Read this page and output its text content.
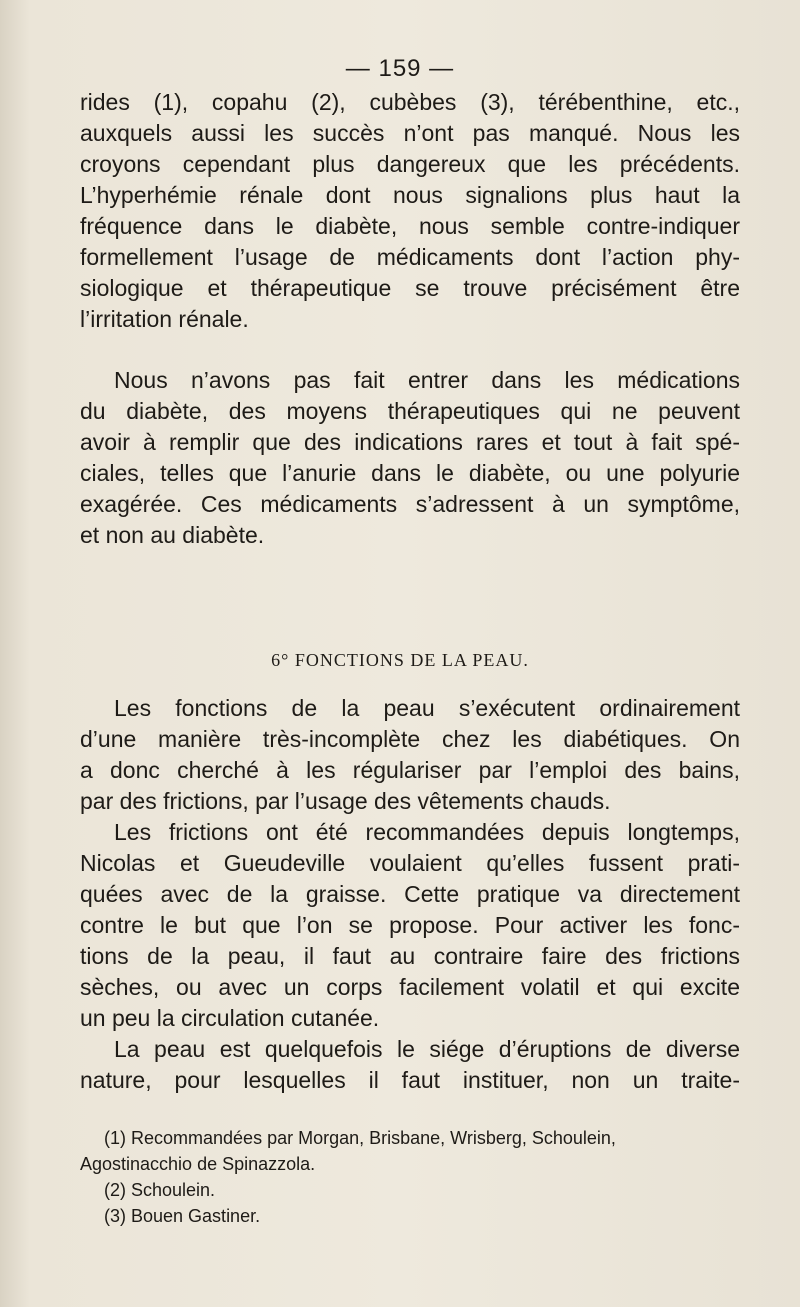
— 159 —

rides (1), copahu (2), cubèbes (3), térébenthine, etc.,
auxquels aussi les succès n’ont pas manqué. Nous les
croyons cependant plus dangereux que les précédents.
L’hyperhémie rénale dont nous signalions plus haut la
fréquence dans le diabète, nous semble contre-indiquer
formellement l’usage de médicaments dont l’action phy-
siologique et thérapeutique se trouve précisément être
l’irritation rénale.

Nous n’avons pas fait entrer dans les médications
du diabète, des moyens thérapeutiques qui ne peuvent
avoir à remplir que des indications rares et tout à fait spé-
ciales, telles que l’anurie dans le diabète, ou une polyurie
exagérée. Ces médicaments s’adressent à un symptôme,
et non au diabète.

6° FONCTIONS DE LA PEAU.

Les fonctions de la peau s’exécutent ordinairement
d’une manière très-incomplète chez les diabétiques. On
a donc cherché à les régulariser par l’emploi des bains,
par des frictions, par l’usage des vêtements chauds.

Les frictions ont été recommandées depuis longtemps,
Nicolas et Gueudeville voulaient qu’elles fussent prati-
quées avec de la graisse. Cette pratique va directement
contre le but que l’on se propose. Pour activer les fonc-
tions de la peau, il faut au contraire faire des frictions
sèches, ou avec un corps facilement volatil et qui excite
un peu la circulation cutanée.

La peau est quelquefois le siége d’éruptions de diverse
nature, pour lesquelles il faut instituer, non un traite-

(1) Recommandées par Morgan, Brisbane, Wrisberg, Schoulein,
Agostinacchio de Spinazzola.
(2) Schoulein.
(3) Bouen Gastiner.
